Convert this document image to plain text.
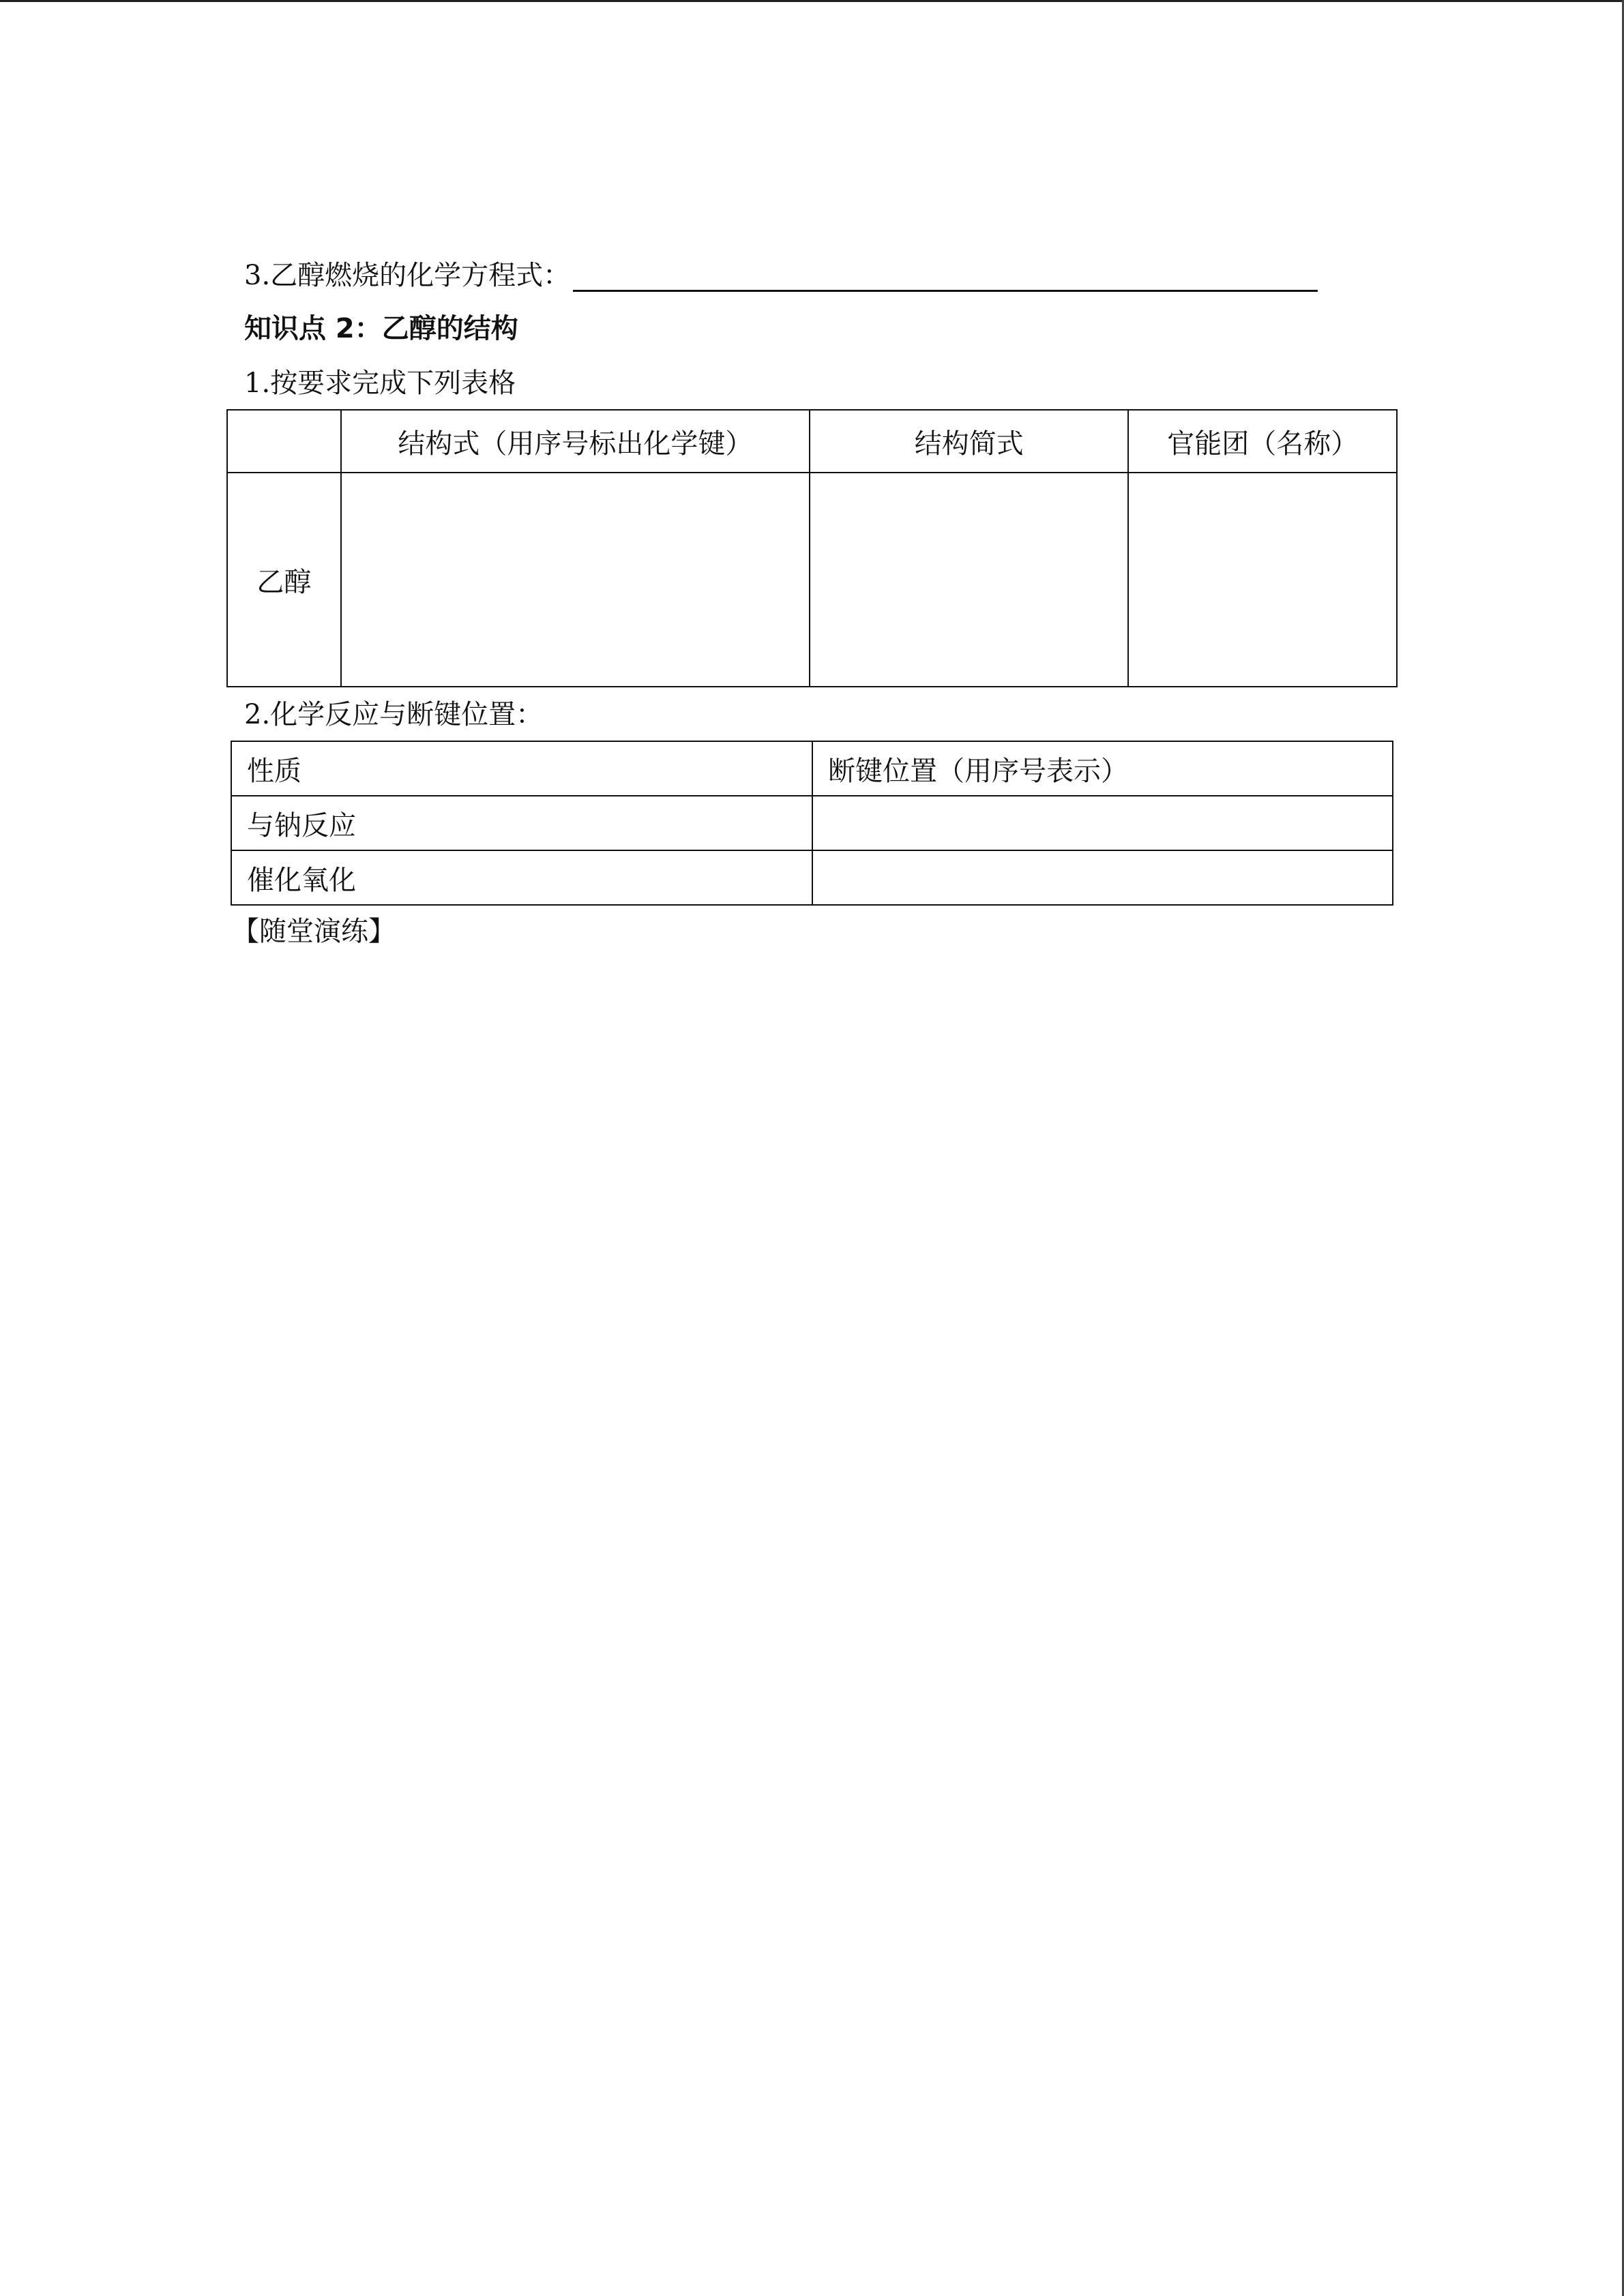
3.乙醇燃烧的化学方程式：
知识点 2：乙醇的结构
1.按要求完成下列表格
	结构式（用序号标出化学键）	结构简式	官能团（名称）
乙醇			
2.化学反应与断键位置：
性质	断键位置（用序号表示）
与钠反应	
催化氧化	
【随堂演练】
